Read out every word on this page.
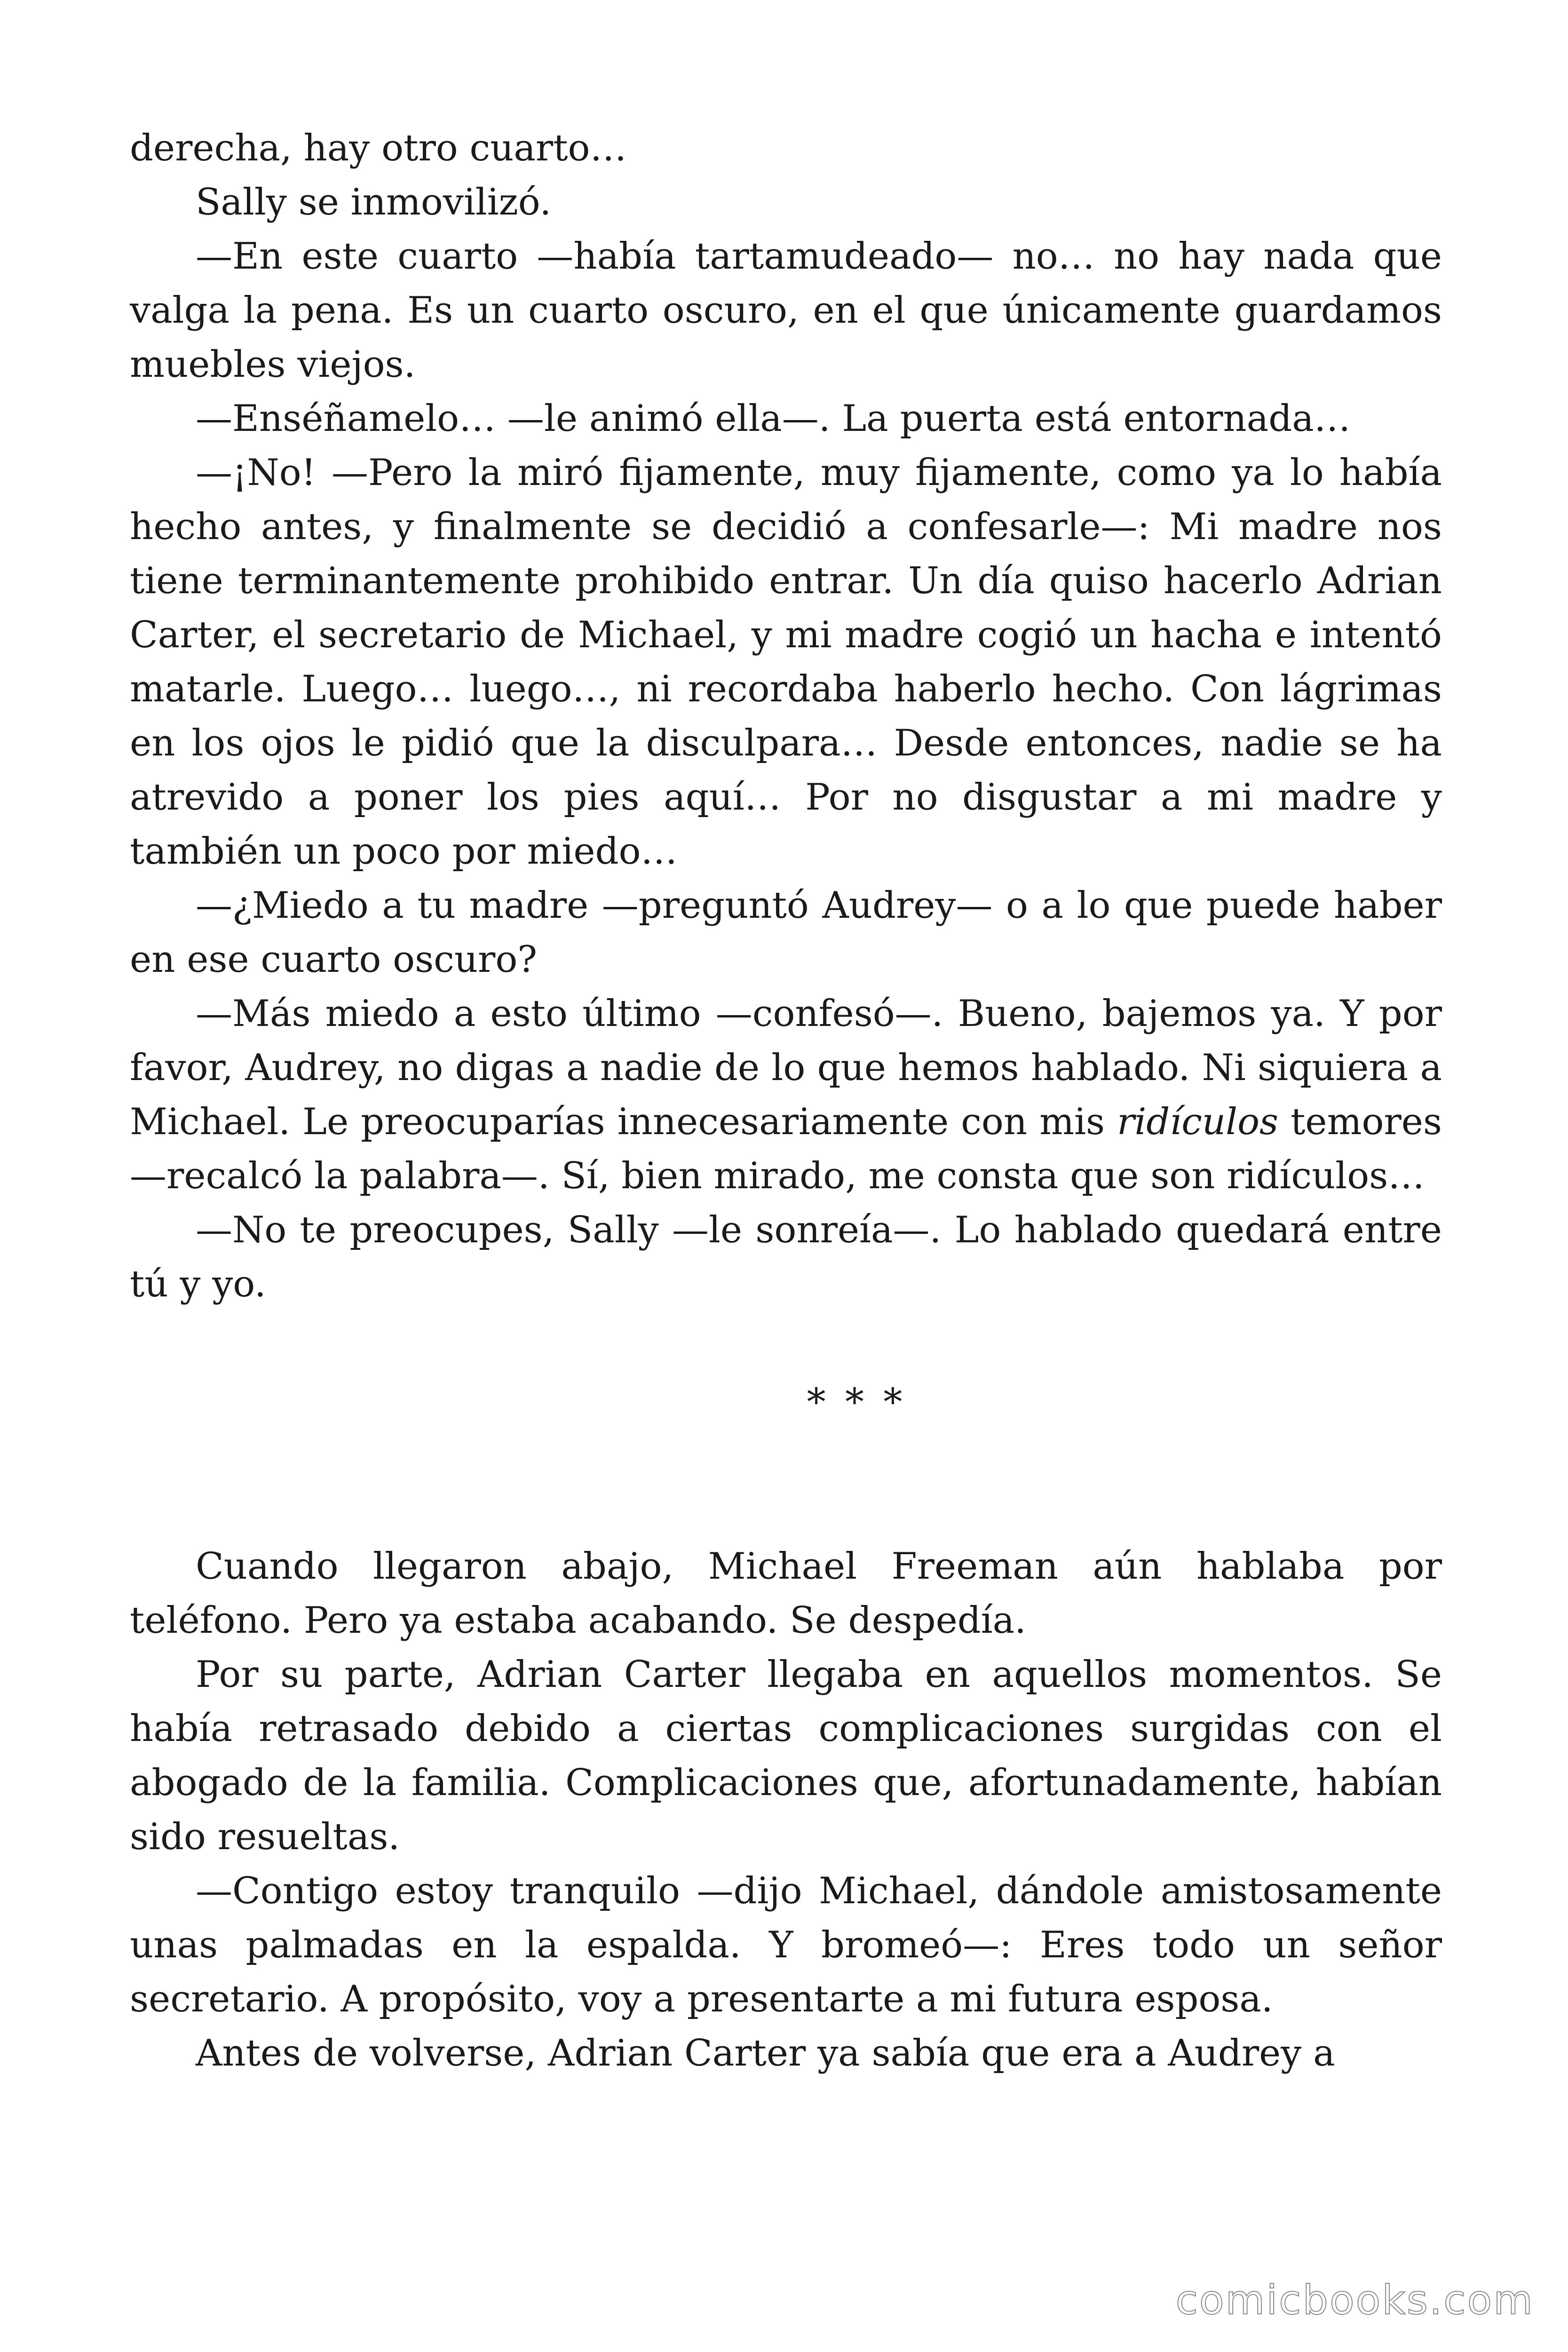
derecha, hay otro cuarto…

Sally se inmovilizó.

—En este cuarto —había tartamudeado— no… no hay nada que valga la pena. Es un cuarto oscuro, en el que únicamente guardamos muebles viejos.

—Enséñamelo… —le animó ella—. La puerta está entornada…

—¡No! —Pero la miró fijamente, muy fijamente, como ya lo había hecho antes, y finalmente se decidió a confesarle—: Mi madre nos tiene terminantemente prohibido entrar. Un día quiso hacerlo Adrian Carter, el secretario de Michael, y mi madre cogió un hacha e intentó matarle. Luego… luego…, ni recordaba haberlo hecho. Con lágrimas en los ojos le pidió que la disculpara… Desde entonces, nadie se ha atrevido a poner los pies aquí… Por no disgustar a mi madre y también un poco por miedo…

—¿Miedo a tu madre —preguntó Audrey— o a lo que puede haber en ese cuarto oscuro?

—Más miedo a esto último —confesó—. Bueno, bajemos ya. Y por favor, Audrey, no digas a nadie de lo que hemos hablado. Ni siquiera a Michael. Le preocuparías innecesariamente con mis ridículos temores —recalcó la palabra—. Sí, bien mirado, me consta que son ridículos…

—No te preocupes, Sally —le sonreía—. Lo hablado quedará entre tú y yo.

* * *

Cuando llegaron abajo, Michael Freeman aún hablaba por teléfono. Pero ya estaba acabando. Se despedía.

Por su parte, Adrian Carter llegaba en aquellos momentos. Se había retrasado debido a ciertas complicaciones surgidas con el abogado de la familia. Complicaciones que, afortunadamente, habían sido resueltas.

—Contigo estoy tranquilo —dijo Michael, dándole amistosamente unas palmadas en la espalda. Y bromeó—: Eres todo un señor secretario. A propósito, voy a presentarte a mi futura esposa.

Antes de volverse, Adrian Carter ya sabía que era a Audrey a

comicbooks.com
